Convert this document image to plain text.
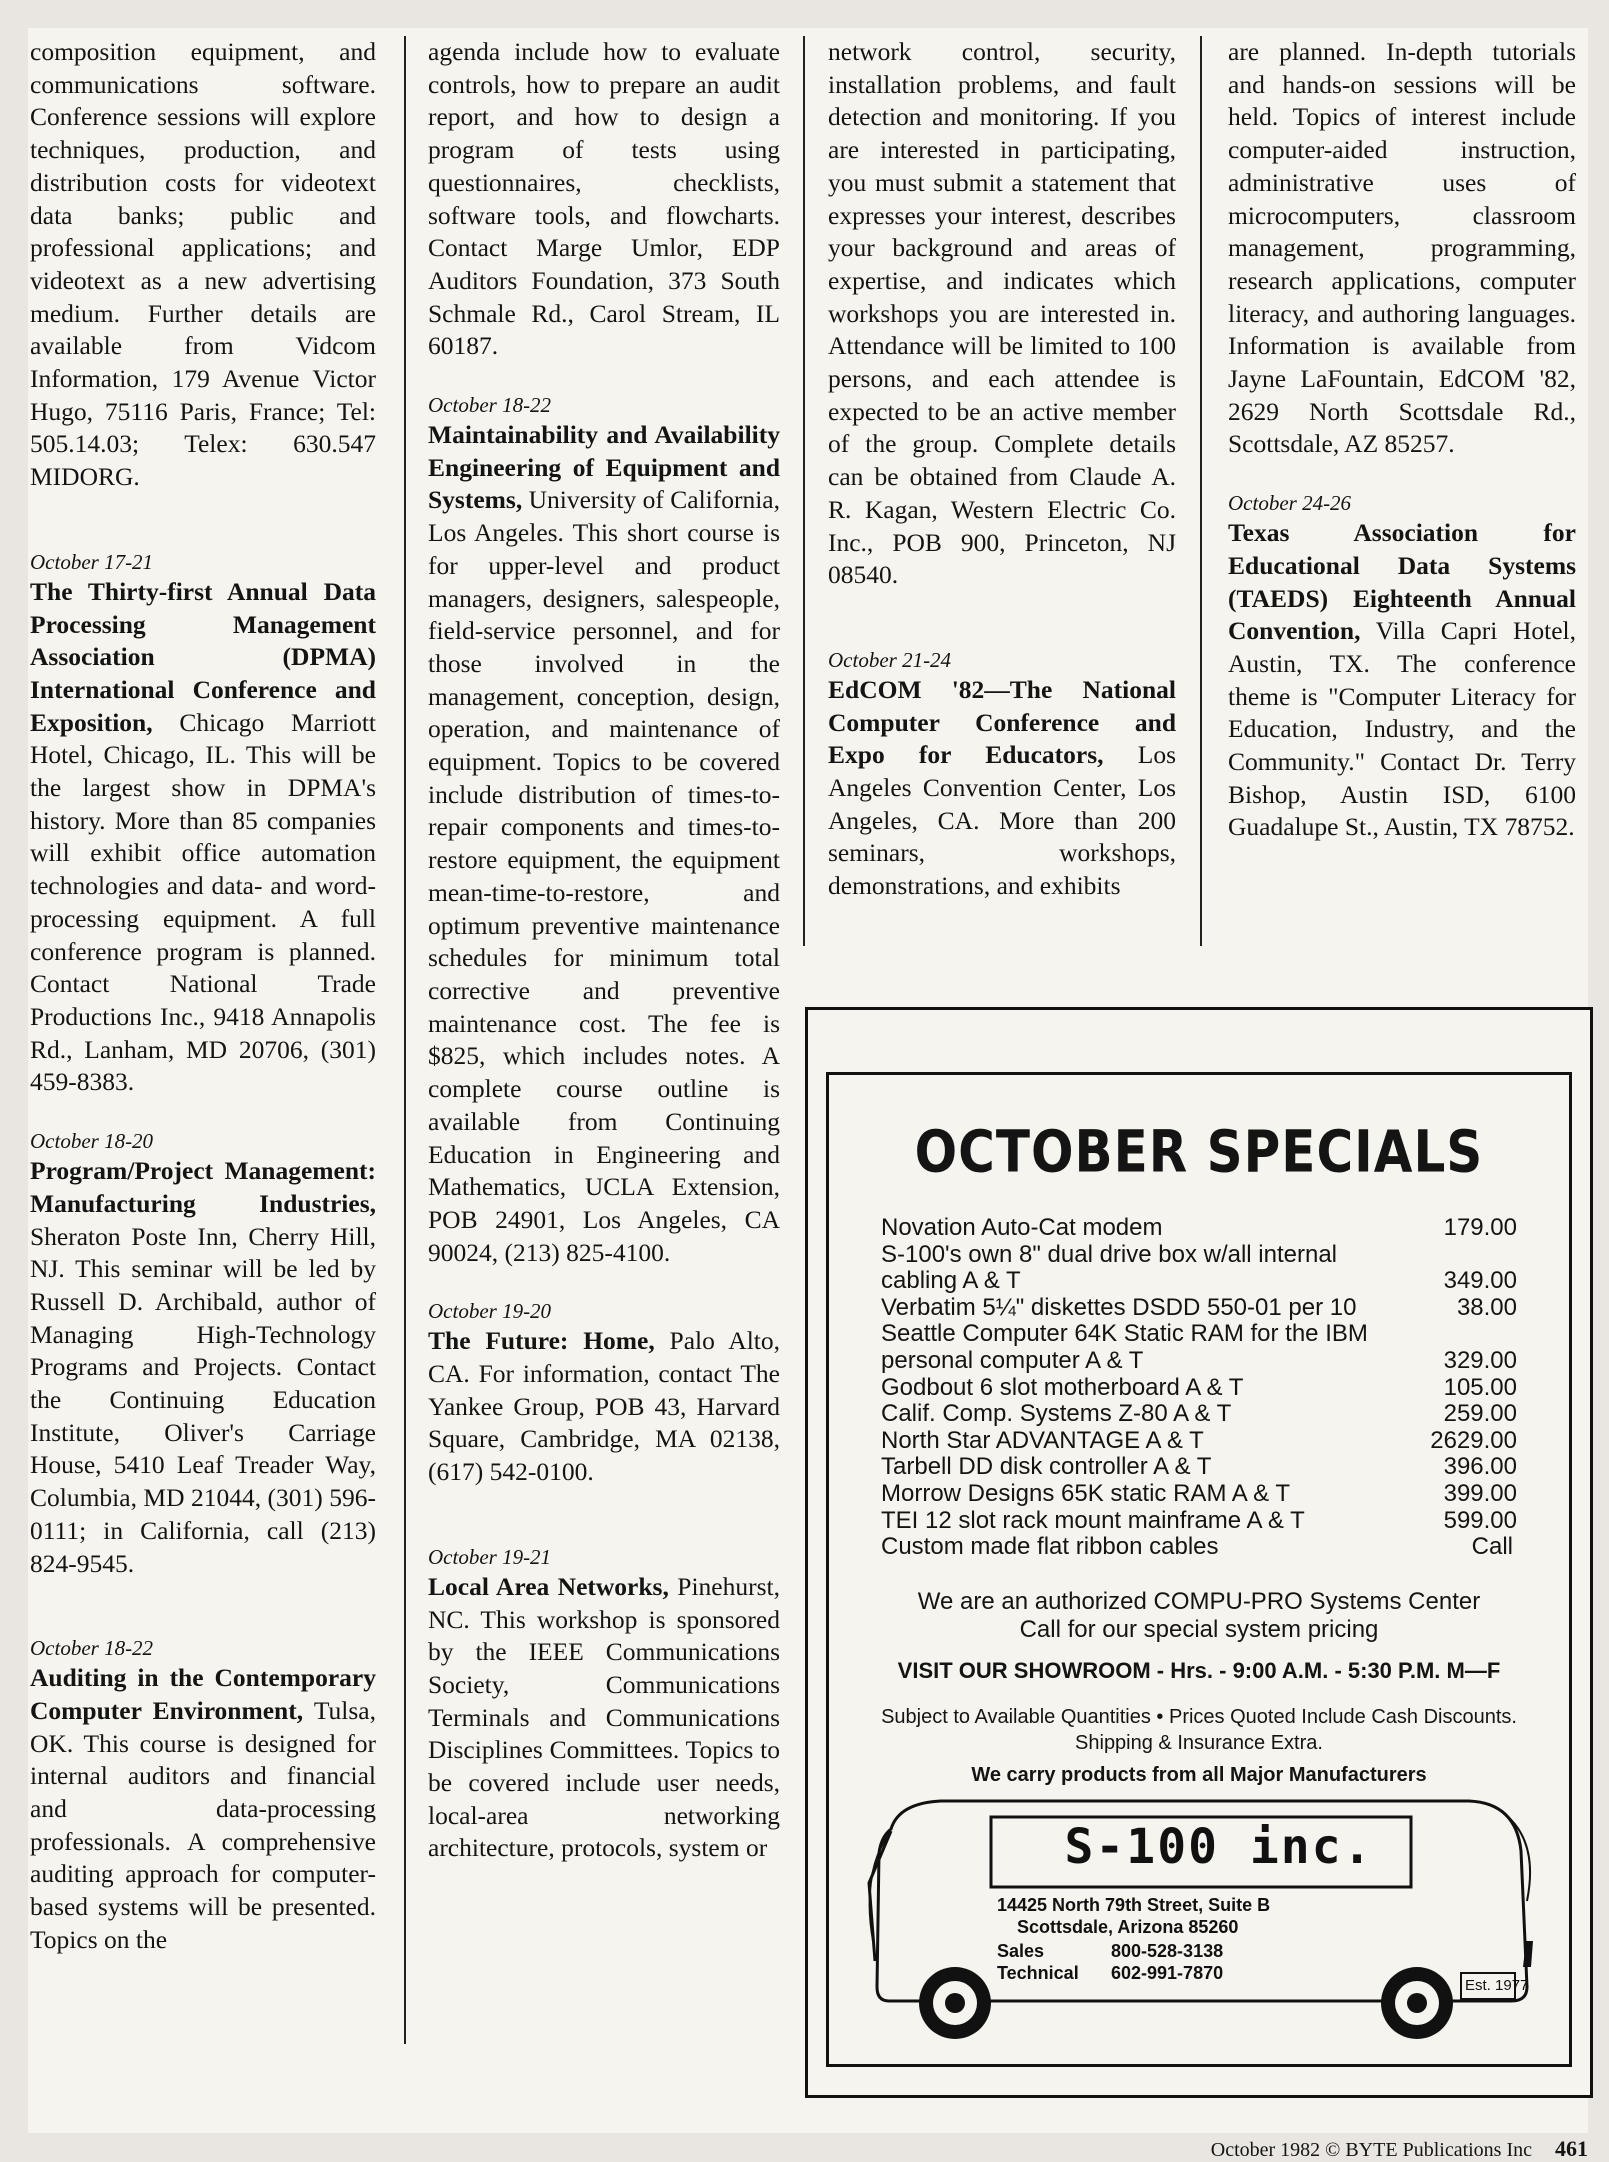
composition equipment, and communications software. Conference sessions will explore techniques, production, and distribution costs for videotext data banks; public and professional applications; and videotext as a new advertising medium. Further details are available from Vidcom Information, 179 Avenue Victor Hugo, 75116 Paris, France; Tel: 505.14.03; Telex: 630.547 MIDORG.

October 17-21

The Thirty-first Annual Data Processing Management Association (DPMA) International Conference and Exposition, Chicago Marriott Hotel, Chicago, IL. This will be the largest show in DPMA's history. More than 85 companies will exhibit office automation technologies and data- and word-processing equipment. A full conference program is planned. Contact National Trade Productions Inc., 9418 Annapolis Rd., Lanham, MD 20706, (301) 459-8383.

October 18-20

Program/Project Management: Manufacturing Industries, Sheraton Poste Inn, Cherry Hill, NJ. This seminar will be led by Russell D. Archibald, author of Managing High-Technology Programs and Projects. Contact the Continuing Education Institute, Oliver's Carriage House, 5410 Leaf Treader Way, Columbia, MD 21044, (301) 596-0111; in California, call (213) 824-9545.

October 18-22

Auditing in the Contemporary Computer Environment, Tulsa, OK. This course is designed for internal auditors and financial and data-processing professionals. A comprehensive auditing approach for computer-based systems will be presented. Topics on the

agenda include how to evaluate controls, how to prepare an audit report, and how to design a program of tests using questionnaires, checklists, software tools, and flowcharts. Contact Marge Umlor, EDP Auditors Foundation, 373 South Schmale Rd., Carol Stream, IL 60187.

October 18-22

Maintainability and Availability Engineering of Equipment and Systems, University of California, Los Angeles. This short course is for upper-level and product managers, designers, salespeople, field-service personnel, and for those involved in the management, conception, design, operation, and maintenance of equipment. Topics to be covered include distribution of times-to-repair components and times-to-restore equipment, the equipment mean-time-to-restore, and optimum preventive maintenance schedules for minimum total corrective and preventive maintenance cost. The fee is $825, which includes notes. A complete course outline is available from Continuing Education in Engineering and Mathematics, UCLA Extension, POB 24901, Los Angeles, CA 90024, (213) 825-4100.

October 19-20

The Future: Home, Palo Alto, CA. For information, contact The Yankee Group, POB 43, Harvard Square, Cambridge, MA 02138, (617) 542-0100.

October 19-21

Local Area Networks, Pinehurst, NC. This workshop is sponsored by the IEEE Communications Society, Communications Terminals and Communications Disciplines Committees. Topics to be covered include user needs, local-area networking architecture, protocols, system or

network control, security, installation problems, and fault detection and monitoring. If you are interested in participating, you must submit a statement that expresses your interest, describes your background and areas of expertise, and indicates which workshops you are interested in. Attendance will be limited to 100 persons, and each attendee is expected to be an active member of the group. Complete details can be obtained from Claude A. R. Kagan, Western Electric Co. Inc., POB 900, Princeton, NJ 08540.

October 21-24

EdCOM '82—The National Computer Conference and Expo for Educators, Los Angeles Convention Center, Los Angeles, CA. More than 200 seminars, workshops, demonstrations, and exhibits

are planned. In-depth tutorials and hands-on sessions will be held. Topics of interest include computer-aided instruction, administrative uses of microcomputers, classroom management, programming, research applications, computer literacy, and authoring languages. Information is available from Jayne LaFountain, EdCOM '82, 2629 North Scottsdale Rd., Scottsdale, AZ 85257.

October 24-26

Texas Association for Educational Data Systems (TAEDS) Eighteenth Annual Convention, Villa Capri Hotel, Austin, TX. The conference theme is "Computer Literacy for Education, Industry, and the Community." Contact Dr. Terry Bishop, Austin ISD, 6100 Guadalupe St., Austin, TX 78752.

October 1982 © BYTE Publications Inc 461
OCTOBER SPECIALS
Novation Auto-Cat modem	179.00
S-100's own 8" dual drive box w/all internal cabling A & T	349.00
Verbatim 5¼" diskettes DSDD 550-01 per 10	38.00
Seattle Computer 64K Static RAM for the IBM personal computer A & T	329.00
Godbout 6 slot motherboard A & T	105.00
Calif. Comp. Systems Z-80 A & T	259.00
North Star ADVANTAGE A & T	2629.00
Tarbell DD disk controller A & T	396.00
Morrow Designs 65K static RAM A & T	399.00
TEI 12 slot rack mount mainframe A & T	599.00
Custom made flat ribbon cables	Call
We are an authorized COMPU-PRO Systems Center
Call for our special system pricing
VISIT OUR SHOWROOM - Hrs. - 9:00 A.M. - 5:30 P.M. M—F
Subject to Available Quantities • Prices Quoted Include Cash Discounts.
Shipping & Insurance Extra.
We carry products from all Major Manufacturers
S-100 inc.
14425 North 79th Street, Suite B
Scottsdale, Arizona 85260
Sales	800-528-3138
Technical 602-991-7870
Est. 1977
